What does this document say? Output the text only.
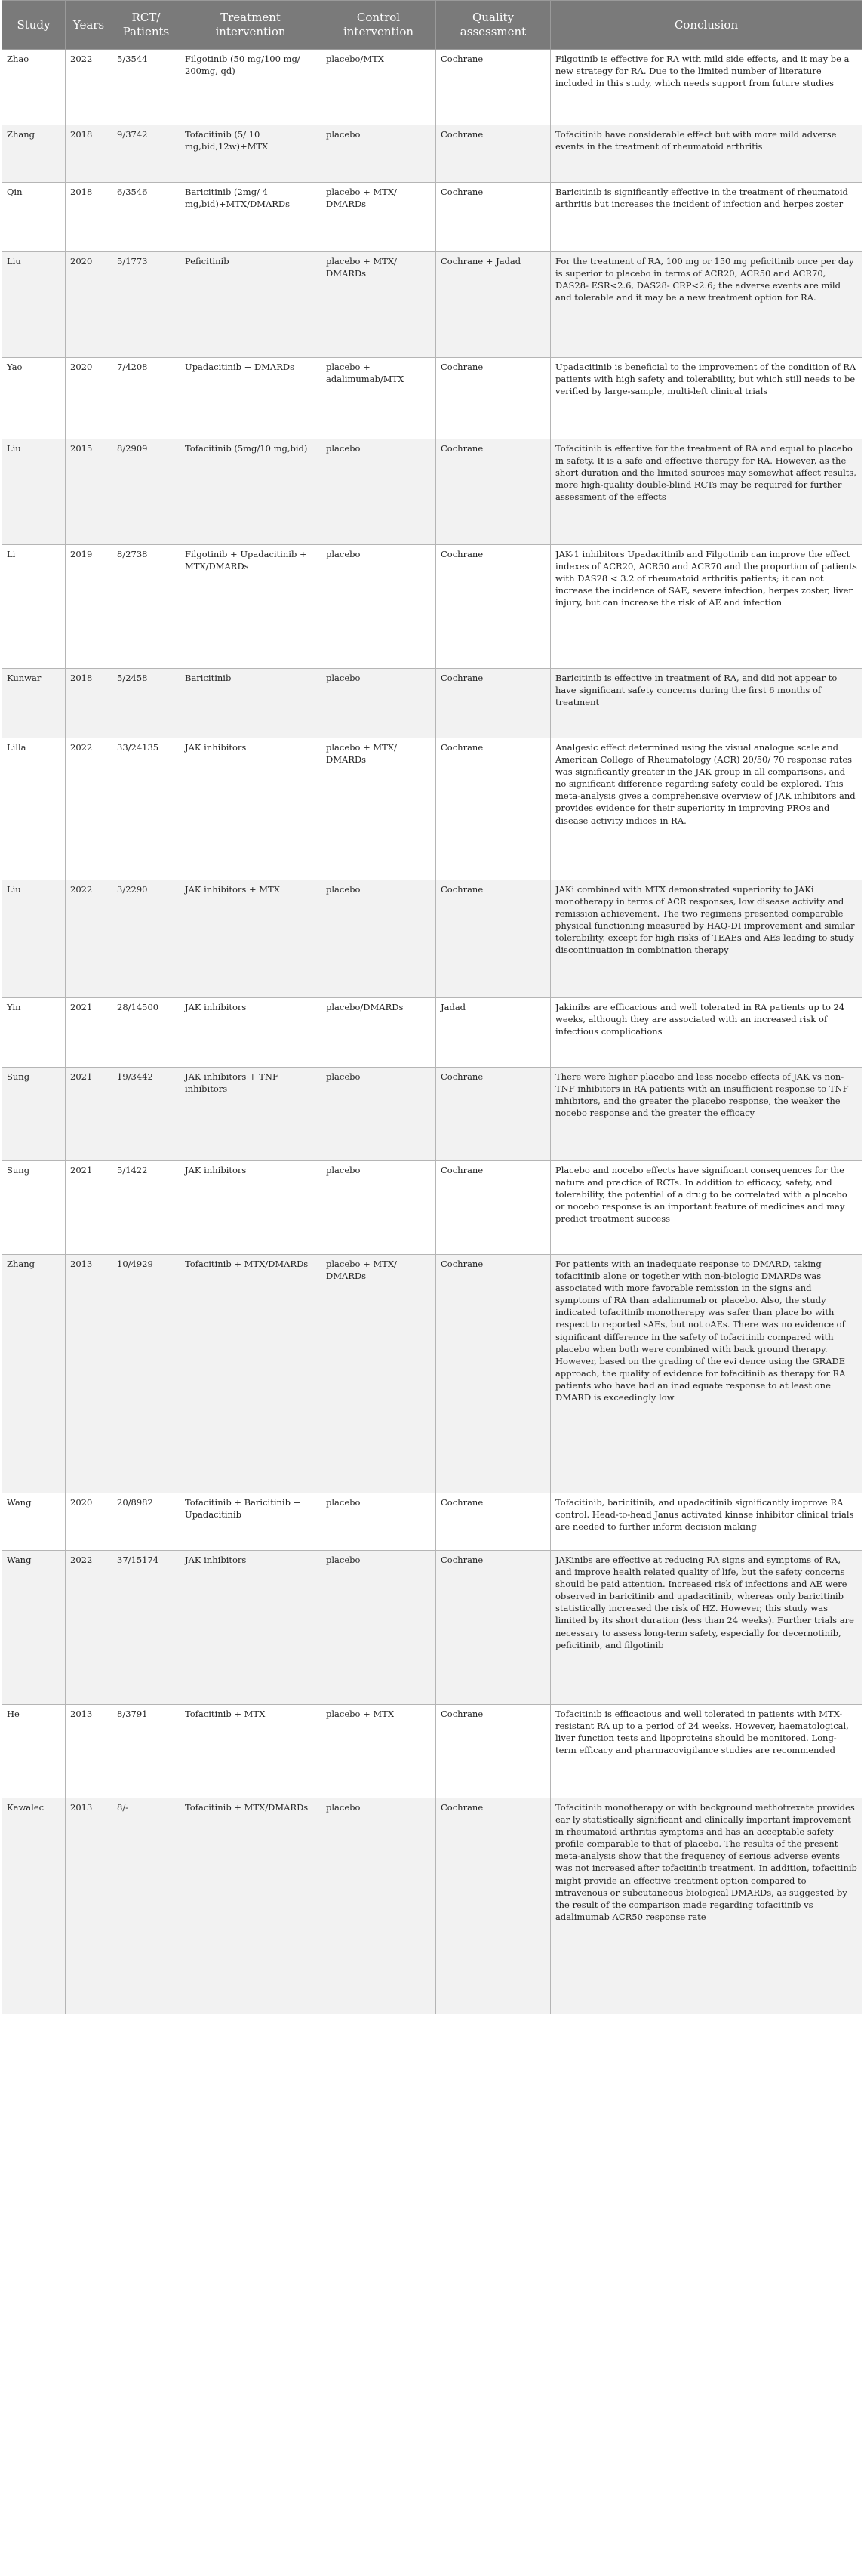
Study	Years	RCT/ Patients	Treatment intervention	Control intervention	Quality assessment	Conclusion
Zhao	2022	5/3544	Filgotinib (50 mg/100 mg/ 200mg, qd)	placebo/MTX	Cochrane	Filgotinib is effective for RA with mild side effects, and it may be a new strategy for RA. Due to the limited number of literature included in this study, which needs support from future studies
Zhang	2018	9/3742	Tofacitinib (5/ 10 mg,bid,12w)+MTX	placebo	Cochrane	Tofacitinib have considerable effect but with more mild adverse events in the treatment of rheumatoid arthritis
Qin	2018	6/3546	Baricitinib (2mg/ 4 mg,bid)+MTX/DMARDs	placebo + MTX/ DMARDs	Cochrane	Baricitinib is significantly effective in the treatment of rheumatoid arthritis but increases the incident of infection and herpes zoster
Liu	2020	5/1773	Peficitinib	placebo + MTX/ DMARDs	Cochrane + Jadad	For the treatment of RA, 100 mg or 150 mg peficitinib once per day is superior to placebo in terms of ACR20, ACR50 and ACR70, DAS28- ESR<2.6, DAS28- CRP<2.6; the adverse events are mild and tolerable and it may be a new treatment option for RA.
Yao	2020	7/4208	Upadacitinib + DMARDs	placebo + adalimumab/MTX	Cochrane	Upadacitinib is beneficial to the improvement of the condition of RA patients with high safety and tolerability, but which still needs to be verified by large-sample, multi-left clinical trials
Liu	2015	8/2909	Tofacitinib (5mg/10 mg,bid)	placebo	Cochrane	Tofacitinib is effective for the treatment of RA and equal to placebo in safety. It is a safe and effective therapy for RA. However, as the short duration and the limited sources may somewhat affect results, more high-quality double-blind RCTs may be required for further assessment of the effects
Li	2019	8/2738	Filgotinib + Upadacitinib + MTX/DMARDs	placebo	Cochrane	JAK-1 inhibitors Upadacitinib and Filgotinib can improve the effect indexes of ACR20, ACR50 and ACR70 and the proportion of patients with DAS28 < 3.2 of rheumatoid arthritis patients; it can not increase the incidence of SAE, severe infection, herpes zoster, liver injury, but can increase the risk of AE and infection
Kunwar	2018	5/2458	Baricitinib	placebo	Cochrane	Baricitinib is effective in treatment of RA, and did not appear to have significant safety concerns during the first 6 months of treatment
Lilla	2022	33/24135	JAK inhibitors	placebo + MTX/ DMARDs	Cochrane	Analgesic effect determined using the visual analogue scale and American College of Rheumatology (ACR) 20/50/ 70 response rates was significantly greater in the JAK group in all comparisons, and no significant difference regarding safety could be explored. This meta-analysis gives a comprehensive overview of JAK inhibitors and provides evidence for their superiority in improving PROs and disease activity indices in RA.
Liu	2022	3/2290	JAK inhibitors + MTX	placebo	Cochrane	JAKi combined with MTX demonstrated superiority to JAKi monotherapy in terms of ACR responses, low disease activity and remission achievement. The two regimens presented comparable physical functioning measured by HAQ-DI improvement and similar tolerability, except for high risks of TEAEs and AEs leading to study discontinuation in combination therapy
Yin	2021	28/14500	JAK inhibitors	placebo/DMARDs	Jadad	Jakinibs are efficacious and well tolerated in RA patients up to 24 weeks, although they are associated with an increased risk of infectious complications
Sung	2021	19/3442	JAK inhibitors + TNF inhibitors	placebo	Cochrane	There were higher placebo and less nocebo effects of JAK vs non-TNF inhibitors in RA patients with an insufficient response to TNF inhibitors, and the greater the placebo response, the weaker the nocebo response and the greater the efficacy
Sung	2021	5/1422	JAK inhibitors	placebo	Cochrane	Placebo and nocebo effects have significant consequences for the nature and practice of RCTs. In addition to efficacy, safety, and tolerability, the potential of a drug to be correlated with a placebo or nocebo response is an important feature of medicines and may predict treatment success
Zhang	2013	10/4929	Tofacitinib + MTX/DMARDs	placebo + MTX/ DMARDs	Cochrane	For patients with an inadequate response to DMARD, taking tofacitinib alone or together with non-biologic DMARDs was associated with more favorable remission in the signs and symptoms of RA than adalimumab or placebo. Also, the study indicated tofacitinib monotherapy was safer than place bo with respect to reported sAEs, but not oAEs. There was no evidence of significant difference in the safety of tofacitinib compared with placebo when both were combined with back ground therapy. However, based on the grading of the evi dence using the GRADE approach, the quality of evidence for tofacitinib as therapy for RA patients who have had an inad equate response to at least one DMARD is exceedingly low
Wang	2020	20/8982	Tofacitinib + Baricitinib + Upadacitinib	placebo	Cochrane	Tofacitinib, baricitinib, and upadacitinib significantly improve RA control. Head-to-head Janus activated kinase inhibitor clinical trials are needed to further inform decision making
Wang	2022	37/15174	JAK inhibitors	placebo	Cochrane	JAKinibs are effective at reducing RA signs and symptoms of RA, and improve health related quality of life, but the safety concerns should be paid attention. Increased risk of infections and AE were observed in baricitinib and upadacitinib, whereas only baricitinib statistically increased the risk of HZ. However, this study was limited by its short duration (less than 24 weeks). Further trials are necessary to assess long-term safety, especially for decernotinib, peficitinib, and filgotinib
He	2013	8/3791	Tofacitinib + MTX	placebo + MTX	Cochrane	Tofacitinib is efficacious and well tolerated in patients with MTX-resistant RA up to a period of 24 weeks. However, haematological, liver function tests and lipoproteins should be monitored. Long-term efficacy and pharmacovigilance studies are recommended
Kawalec	2013	8/-	Tofacitinib + MTX/DMARDs	placebo	Cochrane	Tofacitinib monotherapy or with background methotrexate provides ear ly statistically significant and clinically important improvement in rheumatoid arthritis symptoms and has an acceptable safety profile comparable to that of placebo. The results of the present meta-analysis show that the frequency of serious adverse events was not increased after tofacitinib treatment. In addition, tofacitinib might provide an effective treatment option compared to intravenous or subcutaneous biological DMARDs, as suggested by the result of the comparison made regarding tofacitinib vs adalimumab ACR50 response rate
